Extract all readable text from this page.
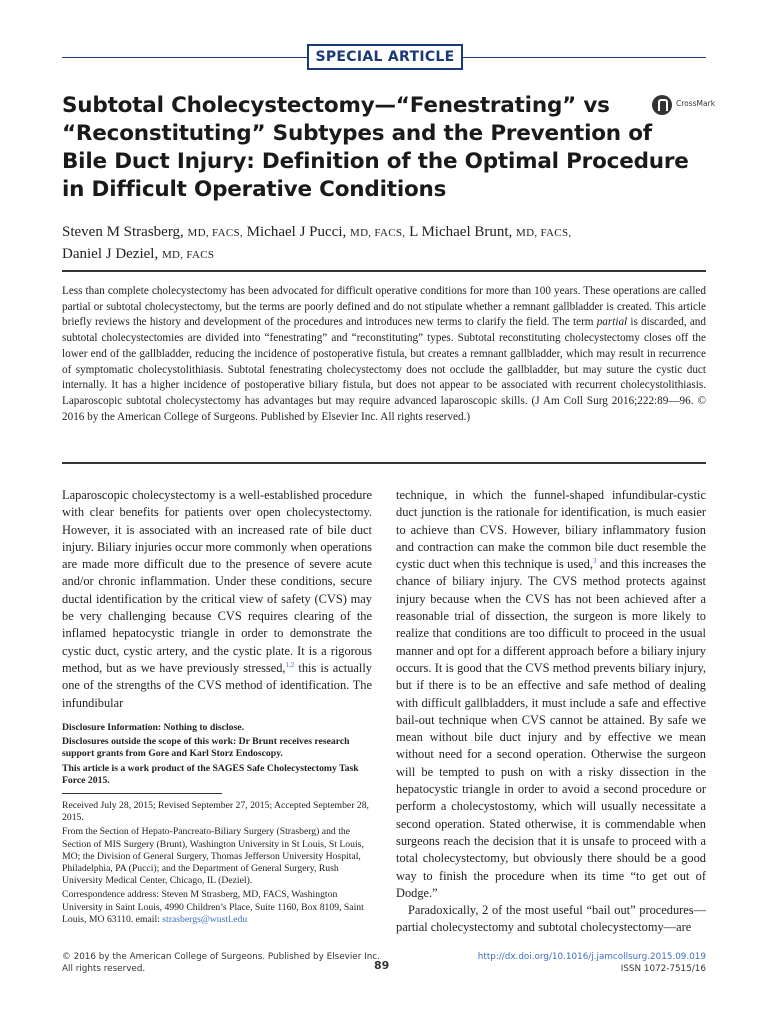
SPECIAL ARTICLE
Subtotal Cholecystectomy—“Fenestrating” vs
“Reconstituting” Subtypes and the Prevention of
Bile Duct Injury: Definition of the Optimal Procedure
in Difficult Operative Conditions
CrossMark
Steven M Strasberg, MD, FACS, Michael J Pucci, MD, FACS, L Michael Brunt, MD, FACS,
Daniel J Deziel, MD, FACS
Less than complete cholecystectomy has been advocated for difficult operative conditions for more than 100 years. These operations are called partial or subtotal cholecystectomy, but the terms are poorly defined and do not stipulate whether a remnant gallbladder is created. This article briefly reviews the history and development of the procedures and introduces new terms to clarify the field. The term partial is discarded, and subtotal cholecystectomies are divided into “fenestrating” and “reconstituting” types. Subtotal reconstituting cholecystectomy closes off the lower end of the gallbladder, reducing the incidence of postoperative fistula, but creates a remnant gallbladder, which may result in recurrence of symptomatic cholecystolithiasis. Subtotal fenestrating cholecystectomy does not occlude the gallbladder, but may suture the cystic duct internally. It has a higher incidence of postoperative biliary fistula, but does not appear to be associated with recurrent cholecystolithiasis. Laparoscopic subtotal cholecystectomy has advantages but may require advanced laparoscopic skills. (J Am Coll Surg 2016;222:89—96. © 2016 by the American College of Surgeons. Published by Elsevier Inc. All rights reserved.)

Laparoscopic cholecystectomy is a well-established procedure with clear benefits for patients over open cholecystectomy. However, it is associated with an increased rate of bile duct injury. Biliary injuries occur more commonly when operations are made more difficult due to the presence of severe acute and/or chronic inflammation. Under these conditions, secure ductal identification by the critical view of safety (CVS) may be very challenging because CVS requires clearing of the inflamed hepatocystic triangle in order to demonstrate the cystic duct, cystic artery, and the cystic plate. It is a rigorous method, but as we have previously stressed,$^{1,2}$ this is actually one of the strengths of the CVS method of identification. The infundibular

technique, in which the funnel-shaped infundibular-cystic duct junction is the rationale for identification, is much easier to achieve than CVS. However, biliary inflammatory fusion and contraction can make the common bile duct resemble the cystic duct when this technique is used,$^3$ and this increases the chance of biliary injury. The CVS method protects against injury because when the CVS has not been achieved after a reasonable trial of dissection, the surgeon is more likely to realize that conditions are too difficult to proceed in the usual manner and opt for a different approach before a biliary injury occurs. It is good that the CVS method prevents biliary injury, but if there is to be an effective and safe method of dealing with difficult gallbladders, it must include a safe and effective bail-out technique when CVS cannot be attained. By safe we mean without bile duct injury and by effective we mean without need for a second operation. Otherwise the surgeon will be tempted to push on with a risky dissection in the hepatocystic triangle in order to avoid a second procedure or perform a cholecystostomy, which will usually necessitate a second operation. Stated otherwise, it is commendable when surgeons reach the decision that it is unsafe to proceed with a total cholecystectomy, but obviously there should be a good way to finish the procedure when its time “to get out of Dodge.”

Paradoxically, 2 of the most useful “bail out” procedures—partial cholecystectomy and subtotal cholecystectomy—are

Disclosure Information: Nothing to disclose.

Disclosures outside the scope of this work: Dr Brunt receives research support grants from Gore and Karl Storz Endoscopy.

This article is a work product of the SAGES Safe Cholecystectomy Task Force 2015.

Received July 28, 2015; Revised September 27, 2015; Accepted September 28, 2015.

From the Section of Hepato-Pancreato-Biliary Surgery (Strasberg) and the Section of MIS Surgery (Brunt), Washington University in St Louis, St Louis, MO; the Division of General Surgery, Thomas Jefferson University Hospital, Philadelphia, PA (Pucci); and the Department of General Surgery, Rush University Medical Center, Chicago, IL (Deziel).

Correspondence address: Steven M Strasberg, MD, FACS, Washington University in Saint Louis, 4990 Children’s Place, Suite 1160, Box 8109, Saint Louis, MO 63110. email: strasbergs@wustl.edu

© 2016 by the American College of Surgeons. Published by Elsevier Inc.
All rights reserved.	89
http://dx.doi.org/10.1016/j.jamcollsurg.2015.09.019
ISSN 1072-7515/16
